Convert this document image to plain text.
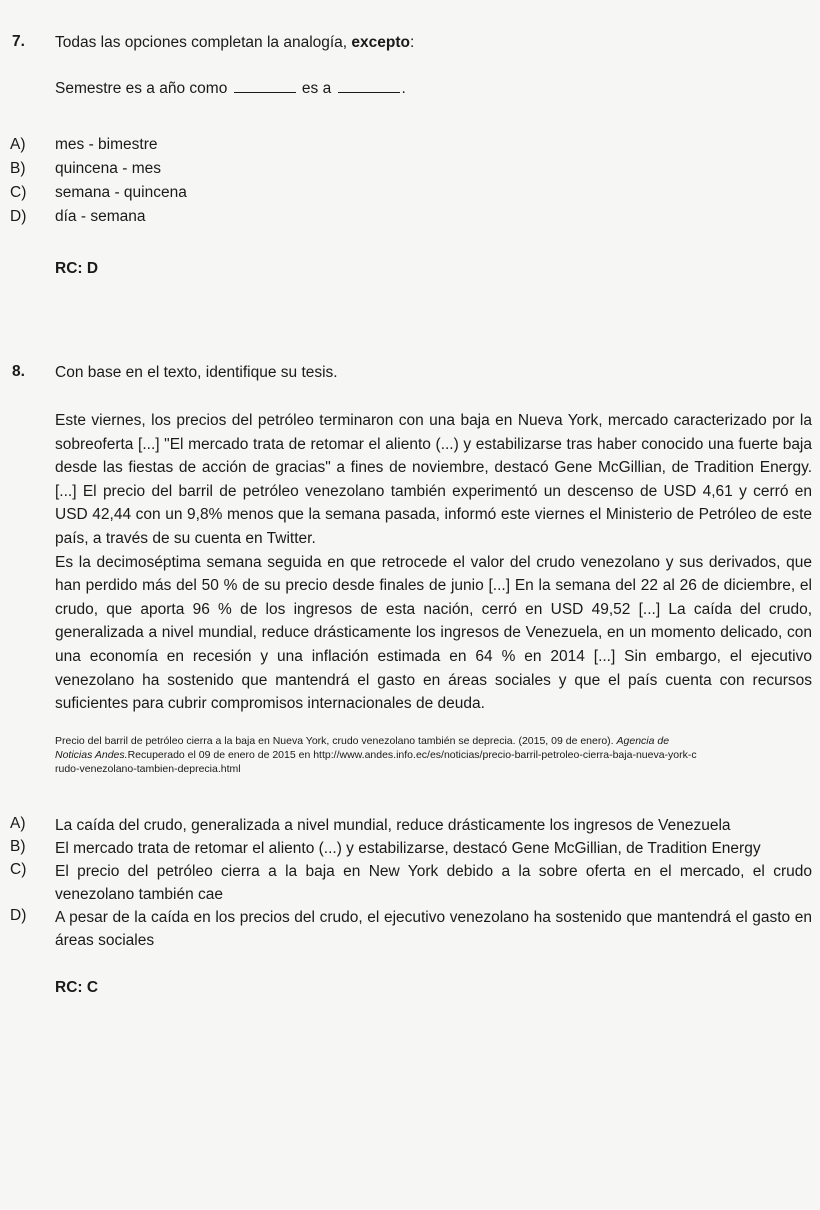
7. Todas las opciones completan la analogía, excepto:
Semestre es a año como	es a	.
A) mes - bimestre
B) quincena - mes
C) semana - quincena
D) día - semana
RC: D
8. Con base en el texto, identifique su tesis.

Este viernes, los precios del petróleo terminaron con una baja en Nueva York, mercado caracterizado por la sobreoferta [...] "El mercado trata de retomar el aliento (...) y estabilizarse tras haber conocido una fuerte baja desde las fiestas de acción de gracias" a fines de noviembre, destacó Gene McGillian, de Tradition Energy. [...] El precio del barril de petróleo venezolano también experimentó un descenso de USD 4,61 y cerró en USD 42,44 con un 9,8% menos que la semana pasada, informó este viernes el Ministerio de Petróleo de este país, a través de su cuenta en Twitter.

Es la decimoséptima semana seguida en que retrocede el valor del crudo venezolano y sus derivados, que han perdido más del 50 % de su precio desde finales de junio [...] En la semana del 22 al 26 de diciembre, el crudo, que aporta 96 % de los ingresos de esta nación, cerró en USD 49,52 [...] La caída del crudo, generalizada a nivel mundial, reduce drásticamente los ingresos de Venezuela, en un momento delicado, con una economía en recesión y una inflación estimada en 64 % en 2014 [...] Sin embargo, el ejecutivo venezolano ha sostenido que mantendrá el gasto en áreas sociales y que el país cuenta con recursos suficientes para cubrir compromisos internacionales de deuda.

Precio del barril de petróleo cierra a la baja en Nueva York, crudo venezolano también se deprecia. (2015, 09 de enero). Agencia de Noticias Andes.Recuperado el 09 de enero de 2015 en http://www.andes.info.ec/es/noticias/precio-barril-petroleo-cierra-baja-nueva-york-crudo-venezolano-tambien-deprecia.html
A) La caída del crudo, generalizada a nivel mundial, reduce drásticamente los ingresos de Venezuela
B) El mercado trata de retomar el aliento (...) y estabilizarse, destacó Gene McGillian, de Tradition Energy
C) El precio del petróleo cierra a la baja en New York debido a la sobre oferta en el mercado, el crudo venezolano también cae
D) A pesar de la caída en los precios del crudo, el ejecutivo venezolano ha sostenido que mantendrá el gasto en áreas sociales
RC: C
